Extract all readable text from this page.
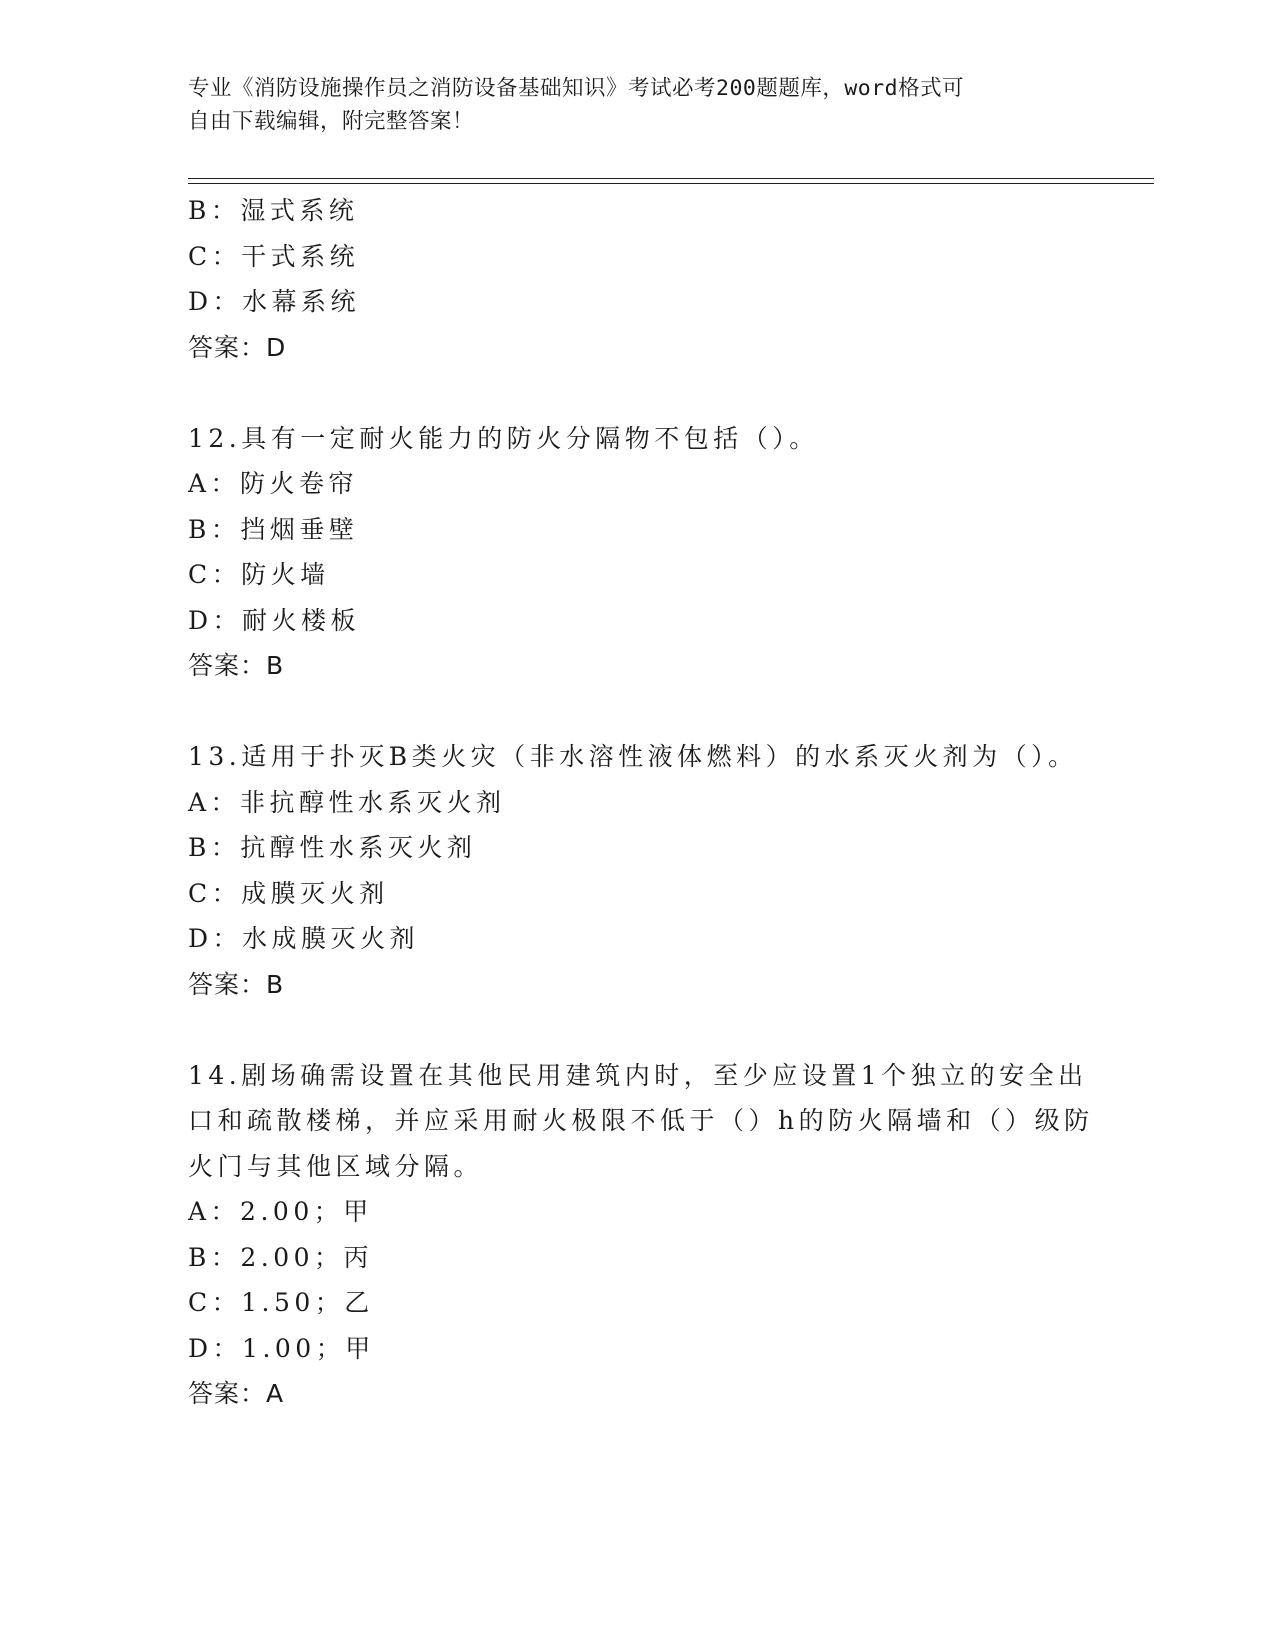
专业《消防设施操作员之消防设备基础知识》考试必考200题题库，word格式可
自由下载编辑，附完整答案！
B：湿式系统
C：干式系统
D：水幕系统
答案：D
12.具有一定耐火能力的防火分隔物不包括（）。
A：防火卷帘
B：挡烟垂壁
C：防火墙
D：耐火楼板
答案：B
13.适用于扑灭B类火灾（非水溶性液体燃料）的水系灭火剂为（）。
A：非抗醇性水系灭火剂
B：抗醇性水系灭火剂
C：成膜灭火剂
D：水成膜灭火剂
答案：B
14.剧场确需设置在其他民用建筑内时，至少应设置1个独立的安全出
口和疏散楼梯，并应采用耐火极限不低于（）h的防火隔墙和（）级防
火门与其他区域分隔。
A：2.00；甲
B：2.00；丙
C：1.50；乙
D：1.00；甲
答案：A
